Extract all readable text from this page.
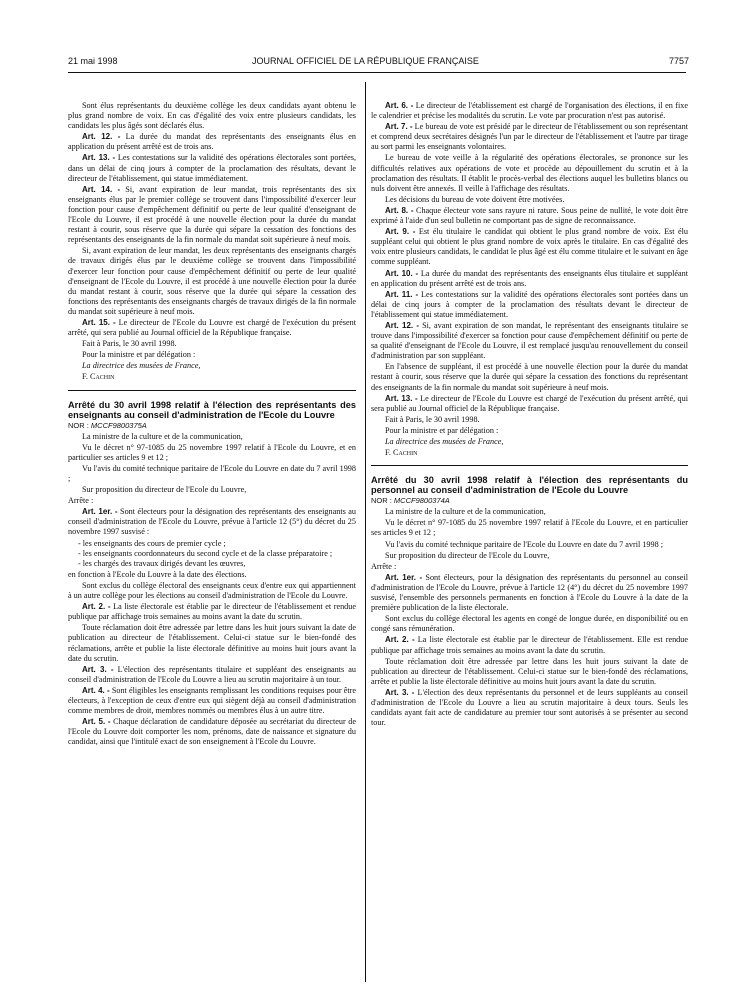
21 mai 1998	JOURNAL OFFICIEL DE LA RÉPUBLIQUE FRANÇAISE	7757

Sont élus représentants du deuxième collège les deux candidats ayant obtenu le plus grand nombre de voix. En cas d'égalité des voix entre plusieurs candidats, les candidats les plus âgés sont déclarés élus.

Art. 12. - La durée du mandat des représentants des enseignants élus en application du présent arrêté est de trois ans.

Art. 13. - Les contestations sur la validité des opérations électorales sont portées, dans un délai de cinq jours à compter de la proclamation des résultats, devant le directeur de l'établissement, qui statue immédiatement.

Art. 14. - Si, avant expiration de leur mandat, trois représentants des six enseignants élus par le premier collège se trouvent dans l'impossibilité d'exercer leur fonction pour cause d'empêchement définitif ou perte de leur qualité d'enseignant de l'Ecole du Louvre, il est procédé à une nouvelle élection pour la durée du mandat restant à courir, sous réserve que la durée qui sépare la cessation des fonctions des représentants des enseignants de la fin normale du mandat soit supérieure à neuf mois.

Si, avant expiration de leur mandat, les deux représentants des enseignants chargés de travaux dirigés élus par le deuxième collège se trouvent dans l'impossibilité d'exercer leur fonction pour cause d'empêchement définitif ou perte de leur qualité d'enseignant de l'Ecole du Louvre, il est procédé à une nouvelle élection pour la durée du mandat restant à courir, sous réserve que la durée qui sépare la cessation des fonctions des représentants des enseignants chargés de travaux dirigés de la fin normale du mandat soit supérieure à neuf mois.

Art. 15. - Le directeur de l'Ecole du Louvre est chargé de l'exécution du présent arrêté, qui sera publié au Journal officiel de la République française.

Fait à Paris, le 30 avril 1998.

Pour la ministre et par délégation :

La directrice des musées de France,

F. Cachin

Arrêté du 30 avril 1998 relatif à l'élection des représentants des enseignants au conseil d'administration de l'Ecole du Louvre

NOR : MCCF9800375A

La ministre de la culture et de la communication,

Vu le décret n° 97-1085 du 25 novembre 1997 relatif à l'Ecole du Louvre, et en particulier ses articles 9 et 12 ;

Vu l'avis du comité technique paritaire de l'Ecole du Louvre en date du 7 avril 1998 ;

Sur proposition du directeur de l'Ecole du Louvre,

Arrête :

Art. 1er. - Sont électeurs pour la désignation des représentants des enseignants au conseil d'administration de l'Ecole du Louvre, prévue à l'article 12 (5°) du décret du 25 novembre 1997 susvisé :

- les enseignants des cours de premier cycle ;
- les enseignants coordonnateurs du second cycle et de la classe préparatoire ;
- les chargés des travaux dirigés devant les œuvres,

en fonction à l'Ecole du Louvre à la date des élections.

Sont exclus du collège électoral des enseignants ceux d'entre eux qui appartiennent à un autre collège pour les élections au conseil d'administration de l'Ecole du Louvre.

Art. 2. - La liste électorale est établie par le directeur de l'établissement et rendue publique par affichage trois semaines au moins avant la date du scrutin.

Toute réclamation doit être adressée par lettre dans les huit jours suivant la date de publication au directeur de l'établissement. Celui-ci statue sur le bien-fondé des réclamations, arrête et publie la liste électorale définitive au moins huit jours avant la date du scrutin.

Art. 3. - L'élection des représentants titulaire et suppléant des enseignants au conseil d'administration de l'Ecole du Louvre a lieu au scrutin majoritaire à un tour.

Art. 4. - Sont éligibles les enseignants remplissant les conditions requises pour être électeurs, à l'exception de ceux d'entre eux qui siègent déjà au conseil d'administration comme membres de droit, membres nommés ou membres élus à un autre titre.

Art. 5. - Chaque déclaration de candidature déposée au secrétariat du directeur de l'Ecole du Louvre doit comporter les nom, prénoms, date de naissance et signature du candidat, ainsi que l'intitulé exact de son enseignement à l'Ecole du Louvre.

Art. 6. - Le directeur de l'établissement est chargé de l'organisation des élections, il en fixe le calendrier et précise les modalités du scrutin. Le vote par procuration n'est pas autorisé.

Art. 7. - Le bureau de vote est présidé par le directeur de l'établissement ou son représentant et comprend deux secrétaires désignés l'un par le directeur de l'établissement et l'autre par tirage au sort parmi les enseignants volontaires.

Le bureau de vote veille à la régularité des opérations électorales, se prononce sur les difficultés relatives aux opérations de vote et procède au dépouillement du scrutin et à la proclamation des résultats. Il établit le procès-verbal des élections auquel les bulletins blancs ou nuls doivent être annexés. Il veille à l'affichage des résultats.

Les décisions du bureau de vote doivent être motivées.

Art. 8. - Chaque électeur vote sans rayure ni rature. Sous peine de nullité, le vote doit être exprimé à l'aide d'un seul bulletin ne comportant pas de signe de reconnaissance.

Art. 9. - Est élu titulaire le candidat qui obtient le plus grand nombre de voix. Est élu suppléant celui qui obtient le plus grand nombre de voix après le titulaire. En cas d'égalité des voix entre plusieurs candidats, le candidat le plus âgé est élu comme titulaire et le suivant en âge comme suppléant.

Art. 10. - La durée du mandat des représentants des enseignants élus titulaire et suppléant en application du présent arrêté est de trois ans.

Art. 11. - Les contestations sur la validité des opérations électorales sont portées dans un délai de cinq jours à compter de la proclamation des résultats devant le directeur de l'établissement qui statue immédiatement.

Art. 12. - Si, avant expiration de son mandat, le représentant des enseignants titulaire se trouve dans l'impossibilité d'exercer sa fonction pour cause d'empêchement définitif ou perte de sa qualité d'enseignant de l'Ecole du Louvre, il est remplacé jusqu'au renouvellement du conseil d'administration par son suppléant.

En l'absence de suppléant, il est procédé à une nouvelle élection pour la durée du mandat restant à courir, sous réserve que la durée qui sépare la cessation des fonctions du représentant des enseignants de la fin normale du mandat soit supérieure à neuf mois.

Art. 13. - Le directeur de l'Ecole du Louvre est chargé de l'exécution du présent arrêté, qui sera publié au Journal officiel de la République française.

Fait à Paris, le 30 avril 1998.

Pour la ministre et par délégation :

La directrice des musées de France,

F. Cachin

Arrêté du 30 avril 1998 relatif à l'élection des représentants du personnel au conseil d'administration de l'Ecole du Louvre

NOR : MCCF9800374A

La ministre de la culture et de la communication,

Vu le décret n° 97-1085 du 25 novembre 1997 relatif à l'Ecole du Louvre, et en particulier ses articles 9 et 12 ;

Vu l'avis du comité technique paritaire de l'Ecole du Louvre en date du 7 avril 1998 ;

Sur proposition du directeur de l'Ecole du Louvre,

Arrête :

Art. 1er. - Sont électeurs, pour la désignation des représentants du personnel au conseil d'administration de l'Ecole du Louvre, prévue à l'article 12 (4°) du décret du 25 novembre 1997 susvisé, l'ensemble des personnels permanents en fonction à l'Ecole du Louvre à la date de la première publication de la liste électorale.

Sont exclus du collège électoral les agents en congé de longue durée, en disponibilité ou en congé sans rémunération.

Art. 2. - La liste électorale est établie par le directeur de l'établissement. Elle est rendue publique par affichage trois semaines au moins avant la date du scrutin.

Toute réclamation doit être adressée par lettre dans les huit jours suivant la date de publication au directeur de l'établissement. Celui-ci statue sur le bien-fondé des réclamations, arrête et publie la liste électorale définitive au moins huit jours avant la date du scrutin.

Art. 3. - L'élection des deux représentants du personnel et de leurs suppléants au conseil d'administration de l'Ecole du Louvre a lieu au scrutin majoritaire à deux tours. Seuls les candidats ayant fait acte de candidature au premier tour sont autorisés à se présenter au second tour.
